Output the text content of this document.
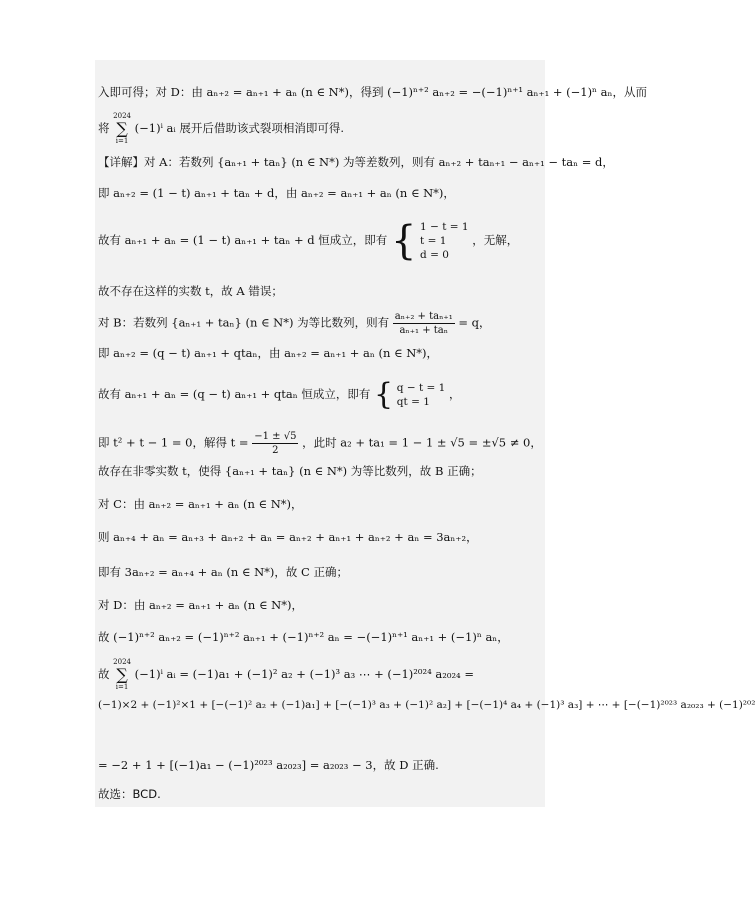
入即可得；对 D：由 aₙ₊₂ = aₙ₊₁ + aₙ (n ∈ N*)，得到 (−1)ⁿ⁺² aₙ₊₂ = −(−1)ⁿ⁺¹ aₙ₊₁ + (−1)ⁿ aₙ，从而
将
2024
∑
i=1
(−1)ⁱ aᵢ 展开后借助该式裂项相消即可得.
【详解】对 A：若数列 {aₙ₊₁ + taₙ} (n ∈ N*) 为等差数列，则有 aₙ₊₂ + taₙ₊₁ − aₙ₊₁ − taₙ = d，
即 aₙ₊₂ = (1 − t) aₙ₊₁ + taₙ + d，由 aₙ₊₂ = aₙ₊₁ + aₙ (n ∈ N*)，
故有 aₙ₊₁ + aₙ = (1 − t) aₙ₊₁ + taₙ + d 恒成立，即有 { 1 − t = 1
t = 1
d = 0
，无解，
故不存在这样的实数 t，故 A 错误；
对 B：若数列 {aₙ₊₁ + taₙ} (n ∈ N*) 为等比数列，则有 $\frac{\text{aₙ₊₂ + taₙ₊₁}}{\text{aₙ₊₁ + taₙ}} = q$，
即 aₙ₊₂ = (q − t) aₙ₊₁ + qtaₙ，由 aₙ₊₂ = aₙ₊₁ + aₙ (n ∈ N*)，
故有 aₙ₊₁ + aₙ = (q − t) aₙ₊₁ + qtaₙ 恒成立，即有 { q − t = 1
qt = 1
，
即 t² + t − 1 = 0，解得 $t = \frac{-1 \pm √5}{2}$ ，此时 a₂ + ta₁ = 1 − 1 ± √5 = ±√5 ≠ 0，
故存在非零实数 t，使得 {aₙ₊₁ + taₙ} (n ∈ N*) 为等比数列，故 B 正确；
对 C：由 aₙ₊₂ = aₙ₊₁ + aₙ (n ∈ N*)，
则 aₙ₊₄ + aₙ = aₙ₊₃ + aₙ₊₂ + aₙ = aₙ₊₂ + aₙ₊₁ + aₙ₊₂ + aₙ = 3aₙ₊₂，
即有 3aₙ₊₂ = aₙ₊₄ + aₙ (n ∈ N*)，故 C 正确；
对 D：由 aₙ₊₂ = aₙ₊₁ + aₙ (n ∈ N*)，
故 (−1)ⁿ⁺² aₙ₊₂ = (−1)ⁿ⁺² aₙ₊₁ + (−1)ⁿ⁺² aₙ = −(−1)ⁿ⁺¹ aₙ₊₁ + (−1)ⁿ aₙ，
故
2024
∑
i=1
(−1)ⁱ aᵢ = (−1)a₁ + (−1)² a₂ + (−1)³ a₃ ⋯ + (−1)²⁰²⁴ a₂₀₂₄ =
(−1)×2 + (−1)²×1 + [−(−1)² a₂ + (−1)a₁] + [−(−1)³ a₃ + (−1)² a₂] + [−(−1)⁴ a₄ + (−1)³ a₃] + ⋯ + [−(−1)²⁰²³ a₂₀₂₃ + (−1)²⁰²
= −2 + 1 + [(−1)a₁ − (−1)²⁰²³ a₂₀₂₃] = a₂₀₂₃ − 3，故 D 正确.
故选：BCD.
